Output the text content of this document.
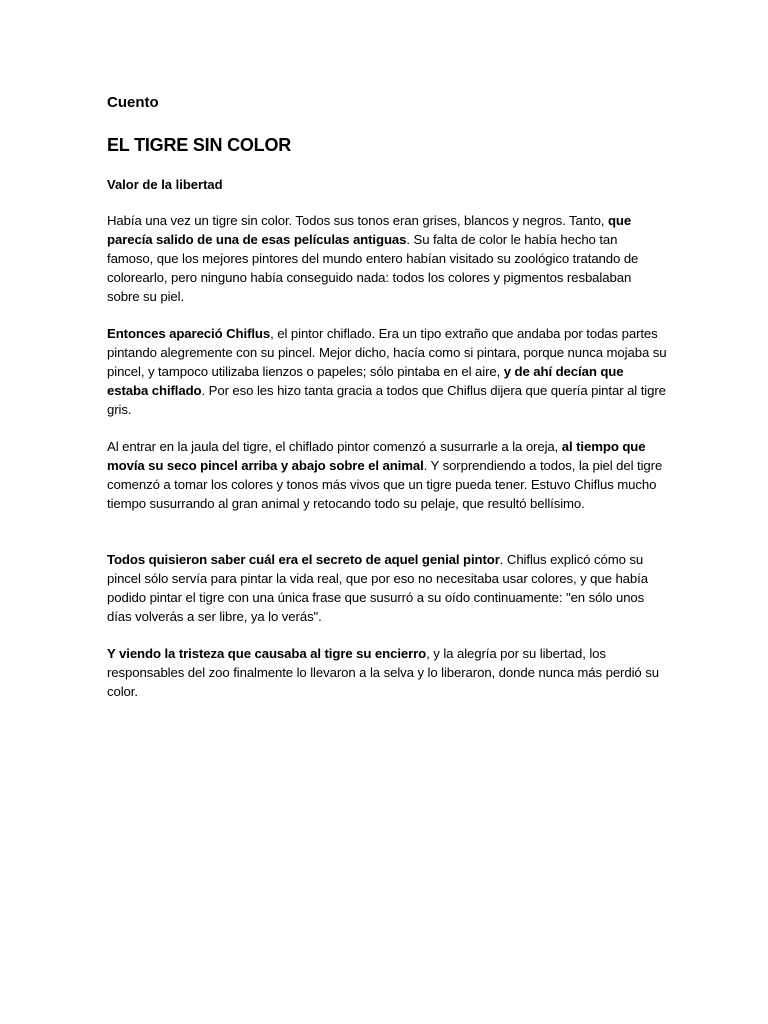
Cuento

EL TIGRE SIN COLOR

Valor de la libertad

Había una vez un tigre sin color. Todos sus tonos eran grises, blancos y negros. Tanto, que parecía salido de una de esas películas antiguas. Su falta de color le había hecho tan famoso, que los mejores pintores del mundo entero habían visitado su zoológico tratando de colorearlo, pero ninguno había conseguido nada: todos los colores y pigmentos resbalaban sobre su piel.

Entonces apareció Chiflus, el pintor chiflado. Era un tipo extraño que andaba por todas partes pintando alegremente con su pincel. Mejor dicho, hacía como si pintara, porque nunca mojaba su pincel, y tampoco utilizaba lienzos o papeles; sólo pintaba en el aire, y de ahí decían que estaba chiflado. Por eso les hizo tanta gracia a todos que Chiflus dijera que quería pintar al tigre gris.

Al entrar en la jaula del tigre, el chiflado pintor comenzó a susurrarle a la oreja, al tiempo que movía su seco pincel arriba y abajo sobre el animal. Y sorprendiendo a todos, la piel del tigre comenzó a tomar los colores y tonos más vivos que un tigre pueda tener. Estuvo Chiflus mucho tiempo susurrando al gran animal y retocando todo su pelaje, que resultó bellísimo.

Todos quisieron saber cuál era el secreto de aquel genial pintor. Chiflus explicó cómo su pincel sólo servía para pintar la vida real, que por eso no necesitaba usar colores, y que había podido pintar el tigre con una única frase que susurró a su oído continuamente: "en sólo unos días volverás a ser libre, ya lo verás".

Y viendo la tristeza que causaba al tigre su encierro, y la alegría por su libertad, los responsables del zoo finalmente lo llevaron a la selva y lo liberaron, donde nunca más perdió su color.
